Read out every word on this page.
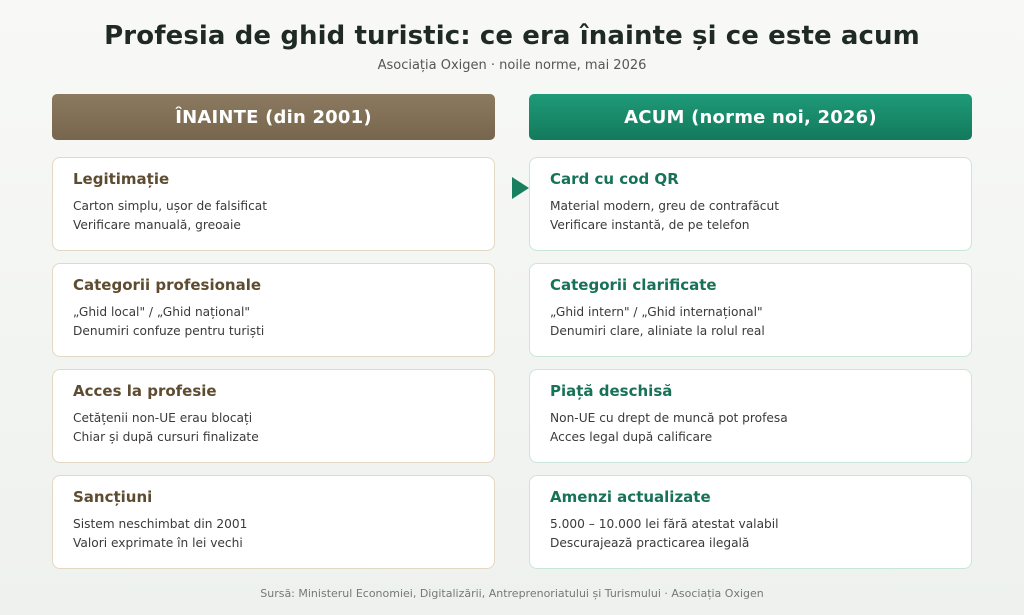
Profesia de ghid turistic: ce era înainte și ce este acum
Asociația Oxigen · noile norme, mai 2026
ÎNAINTE (din 2001)	ACUM (norme noi, 2026)
Legitimație
Carton simplu, ușor de falsificat
Verificare manuală, greoaie
Categorii profesionale
„Ghid local" / „Ghid național"
Denumiri confuze pentru turiști
Acces la profesie
Cetățenii non-UE erau blocați
Chiar și după cursuri finalizate
Sancțiuni
Sistem neschimbat din 2001
Valori exprimate în lei vechi
Card cu cod QR
Material modern, greu de contrafăcut
Verificare instantă, de pe telefon
Categorii clarificate
„Ghid intern" / „Ghid internațional"
Denumiri clare, aliniate la rolul real
Piață deschisă
Non-UE cu drept de muncă pot profesa
Acces legal după calificare
Amenzi actualizate
5.000 – 10.000 lei fără atestat valabil
Descurajează practicarea ilegală
Sursă: Ministerul Economiei, Digitalizării, Antreprenoriatului și Turismului · Asociația Oxigen
